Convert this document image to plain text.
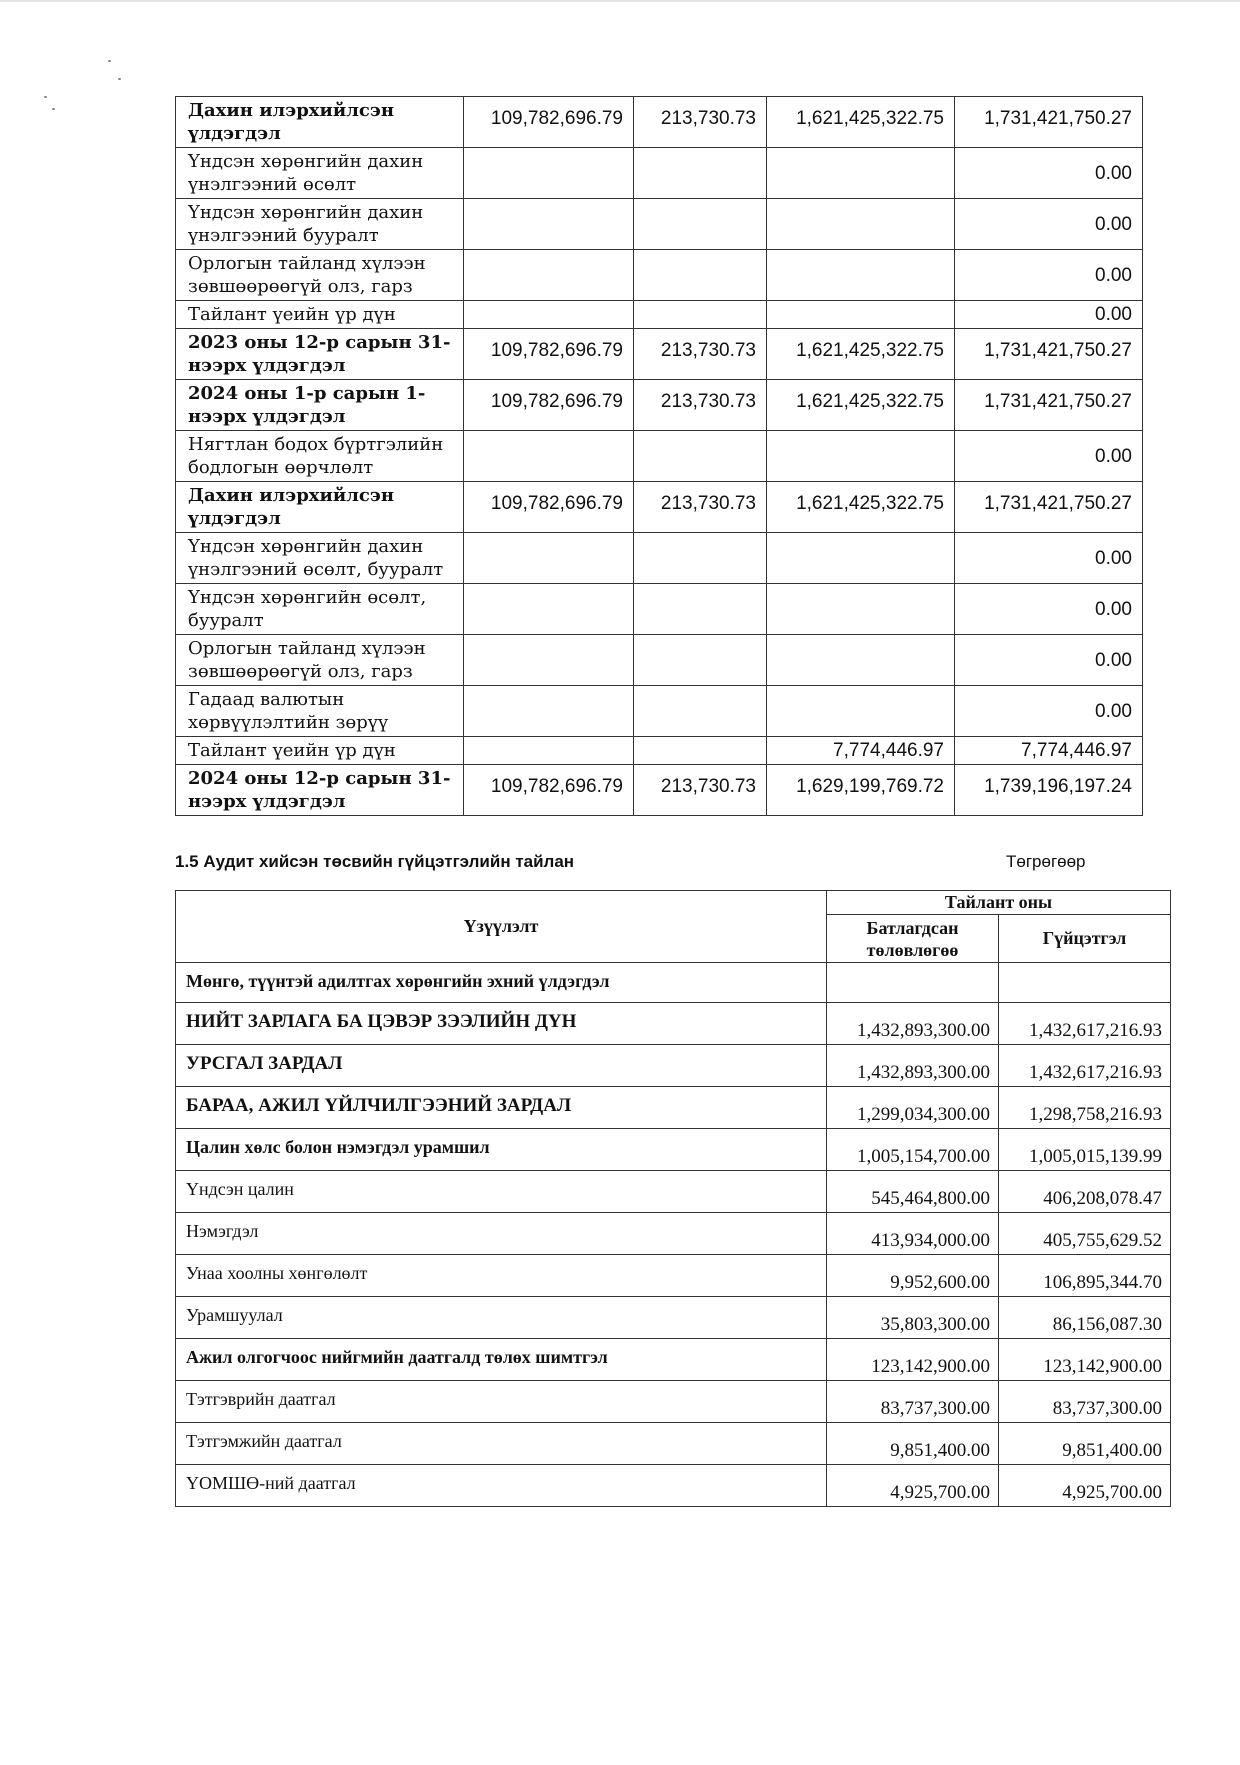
Дахин илэрхийлсэн үлдэгдэл	109,782,696.79	213,730.73	1,621,425,322.75	1,731,421,750.27
Үндсэн хөрөнгийн дахин үнэлгээний өсөлт				0.00
Үндсэн хөрөнгийн дахин үнэлгээний бууралт				0.00
Орлогын тайланд хүлээн зөвшөөрөөгүй олз, гарз				0.00
Тайлант үеийн үр дүн				0.00
2023 оны 12-р сарын 31-нээрх үлдэгдэл	109,782,696.79	213,730.73	1,621,425,322.75	1,731,421,750.27
2024 оны 1-р сарын 1-нээрх үлдэгдэл	109,782,696.79	213,730.73	1,621,425,322.75	1,731,421,750.27
Нягтлан бодох бүртгэлийн бодлогын өөрчлөлт				0.00
Дахин илэрхийлсэн үлдэгдэл	109,782,696.79	213,730.73	1,621,425,322.75	1,731,421,750.27
Үндсэн хөрөнгийн дахин үнэлгээний өсөлт, бууралт				0.00
Үндсэн хөрөнгийн өсөлт, бууралт				0.00
Орлогын тайланд хүлээн зөвшөөрөөгүй олз, гарз				0.00
Гадаад валютын хөрвүүлэлтийн зөрүү				0.00
Тайлант үеийн үр дүн			7,774,446.97	7,774,446.97
2024 оны 12-р сарын 31-нээрх үлдэгдэл	109,782,696.79	213,730.73	1,629,199,769.72	1,739,196,197.24
1.5 Аудит хийсэн төсвийн гүйцэтгэлийн тайлан	Төгрөгөөр
Үзүүлэлт	Тайлант оны	
	Батлагдсан төлөвлөгөө	Гүйцэтгэл
Мөнгө, түүнтэй адилтгах хөрөнгийн эхний үлдэгдэл		
НИЙТ ЗАРЛАГА БА ЦЭВЭР ЗЭЭЛИЙН ДҮН	1,432,893,300.00	1,432,617,216.93
УРСГАЛ ЗАРДАЛ	1,432,893,300.00	1,432,617,216.93
БАРАА, АЖИЛ ҮЙЛЧИЛГЭЭНИЙ ЗАРДАЛ	1,299,034,300.00	1,298,758,216.93
Цалин хөлс болон нэмэгдэл урамшил	1,005,154,700.00	1,005,015,139.99
Үндсэн цалин	545,464,800.00	406,208,078.47
Нэмэгдэл	413,934,000.00	405,755,629.52
Унаа хоолны хөнгөлөлт	9,952,600.00	106,895,344.70
Урамшуулал	35,803,300.00	86,156,087.30
Ажил олгогчоос нийгмийн даатгалд төлөх шимтгэл	123,142,900.00	123,142,900.00
Тэтгэврийн даатгал	83,737,300.00	83,737,300.00
Тэтгэмжийн даатгал	9,851,400.00	9,851,400.00
ҮОМШӨ-ний даатгал	4,925,700.00	4,925,700.00
